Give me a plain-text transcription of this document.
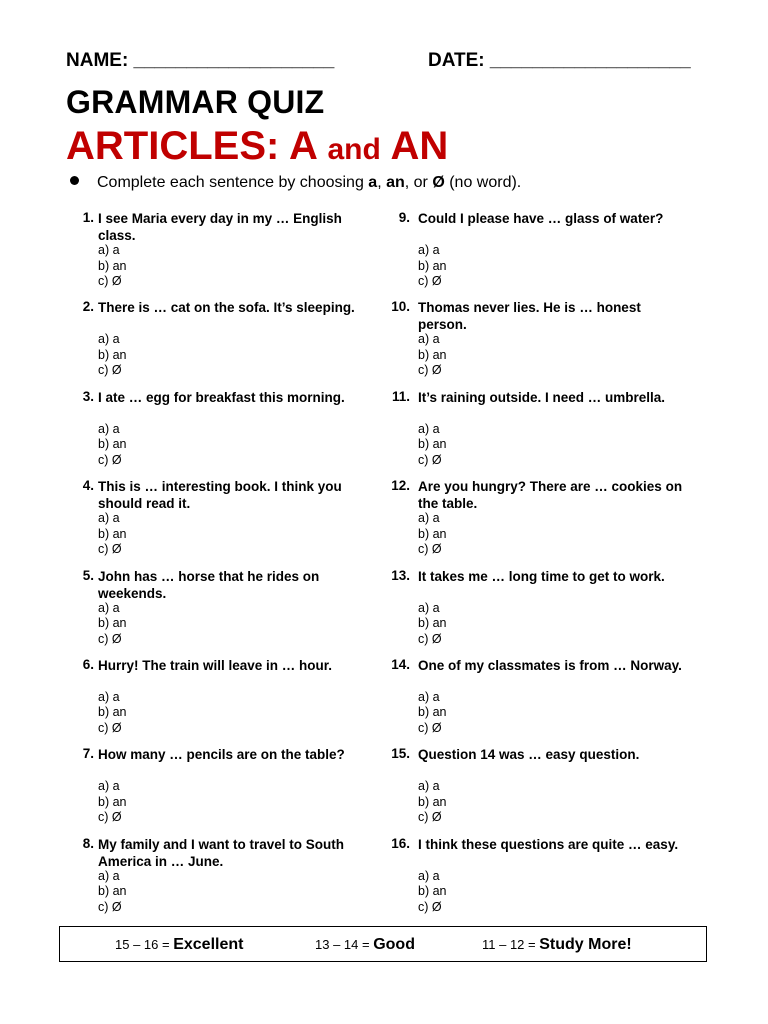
NAME: ___________________	DATE: ___________________
GRAMMAR QUIZ
ARTICLES: A and AN
Complete each sentence by choosing a, an, or Ø (no word).
1. I see Maria every day in my … English class.
a) a
b) an
c) Ø
2. There is … cat on the sofa. It’s sleeping.
a) a
b) an
c) Ø
3. I ate … egg for breakfast this morning.
a) a
b) an
c) Ø
4. This is … interesting book. I think you should read it.
a) a
b) an
c) Ø
5. John has … horse that he rides on weekends.
a) a
b) an
c) Ø
6. Hurry! The train will leave in … hour.
a) a
b) an
c) Ø
7. How many … pencils are on the table?
a) a
b) an
c) Ø
8. My family and I want to travel to South America in … June.
a) a
b) an
c) Ø
9. Could I please have … glass of water?
a) a
b) an
c) Ø
10. Thomas never lies. He is … honest person.
a) a
b) an
c) Ø
11. It’s raining outside. I need … umbrella.
a) a
b) an
c) Ø
12. Are you hungry? There are … cookies on the table.
a) a
b) an
c) Ø
13. It takes me … long time to get to work.
a) a
b) an
c) Ø
14. One of my classmates is from … Norway.
a) a
b) an
c) Ø
15. Question 14 was … easy question.
a) a
b) an
c) Ø
16. I think these questions are quite … easy.
a) a
b) an
c) Ø
15 – 16 = Excellent	13 – 14 = Good	11 – 12 = Study More!
